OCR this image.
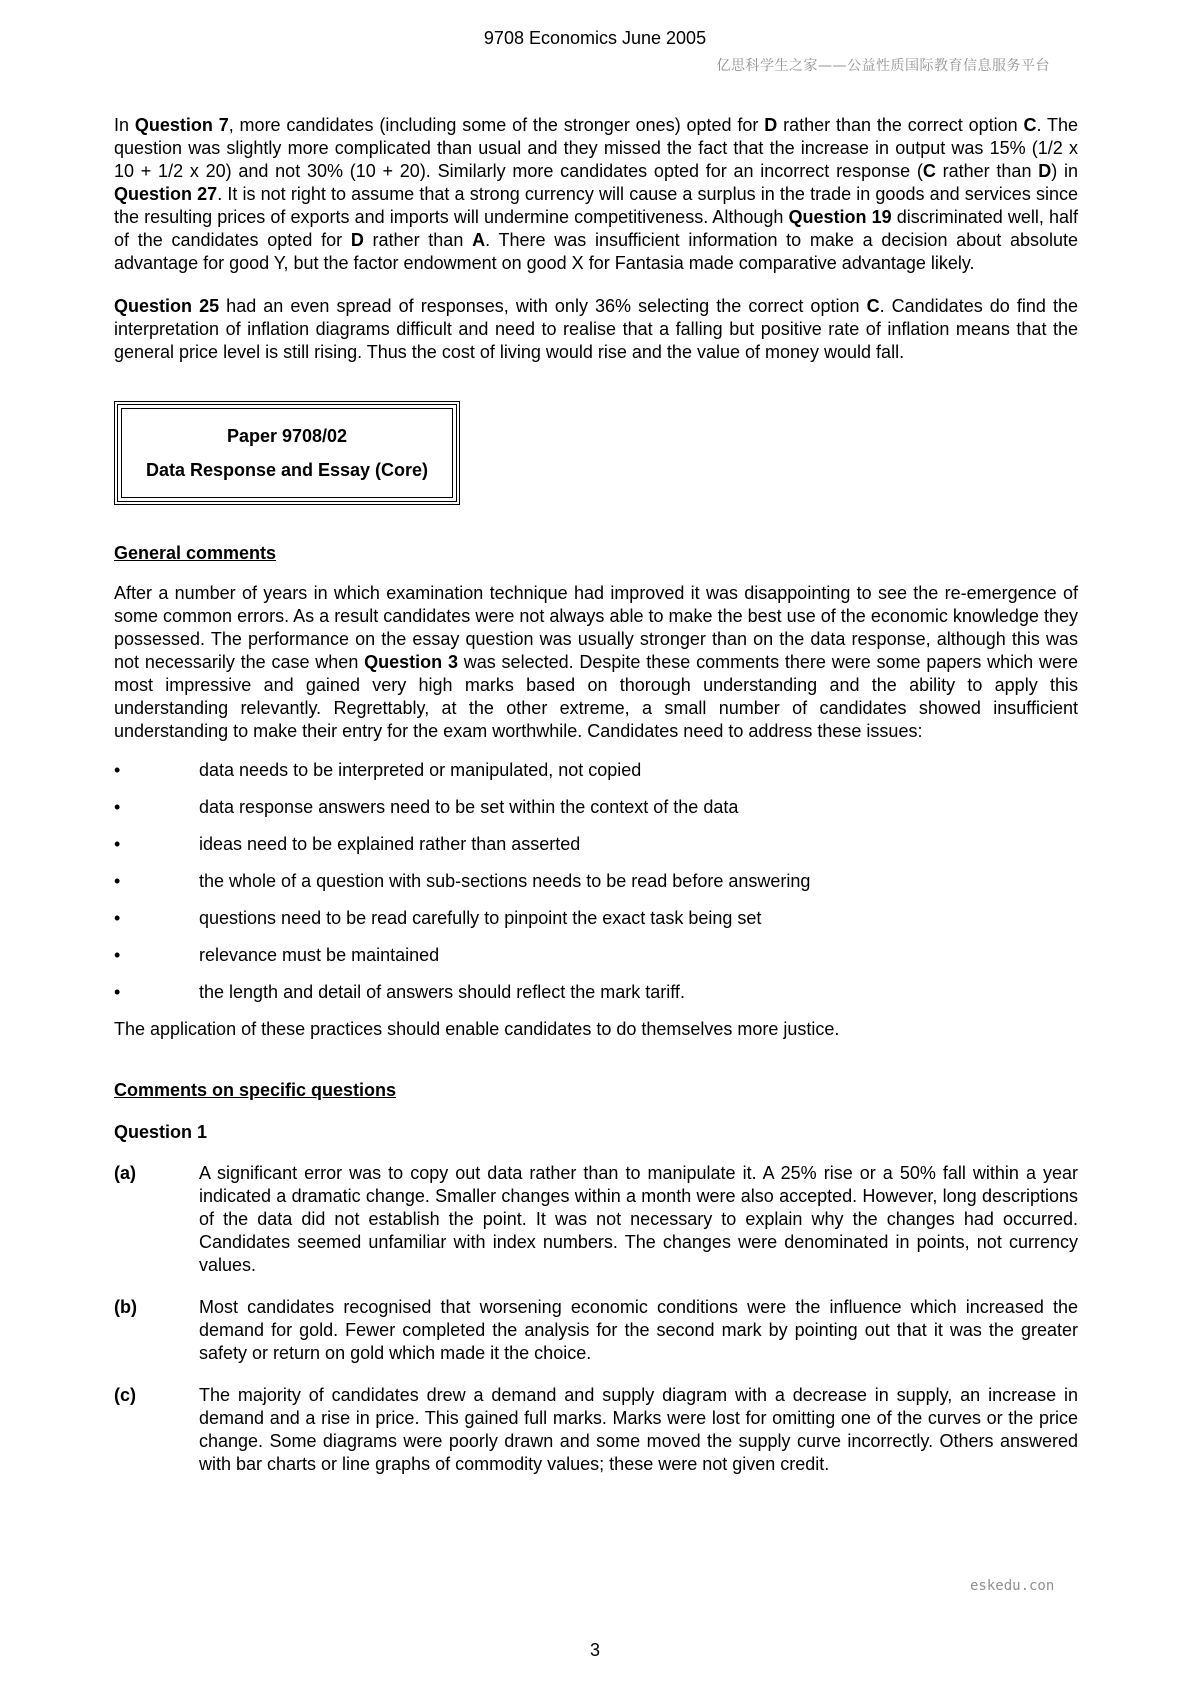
9708 Economics June 2005
亿思科学生之家——公益性质国际教育信息服务平台

In Question 7, more candidates (including some of the stronger ones) opted for D rather than the correct option C. The question was slightly more complicated than usual and they missed the fact that the increase in output was 15% (1/2 x 10 + 1/2 x 20) and not 30% (10 + 20). Similarly more candidates opted for an incorrect response (C rather than D) in Question 27. It is not right to assume that a strong currency will cause a surplus in the trade in goods and services since the resulting prices of exports and imports will undermine competitiveness. Although Question 19 discriminated well, half of the candidates opted for D rather than A. There was insufficient information to make a decision about absolute advantage for good Y, but the factor endowment on good X for Fantasia made comparative advantage likely.

Question 25 had an even spread of responses, with only 36% selecting the correct option C. Candidates do find the interpretation of inflation diagrams difficult and need to realise that a falling but positive rate of inflation means that the general price level is still rising. Thus the cost of living would rise and the value of money would fall.

Paper 9708/02
Data Response and Essay (Core)

General comments

After a number of years in which examination technique had improved it was disappointing to see the re-emergence of some common errors. As a result candidates were not always able to make the best use of the economic knowledge they possessed. The performance on the essay question was usually stronger than on the data response, although this was not necessarily the case when Question 3 was selected. Despite these comments there were some papers which were most impressive and gained very high marks based on thorough understanding and the ability to apply this understanding relevantly. Regrettably, at the other extreme, a small number of candidates showed insufficient understanding to make their entry for the exam worthwhile. Candidates need to address these issues:

•	data needs to be interpreted or manipulated, not copied
•	data response answers need to be set within the context of the data
•	ideas need to be explained rather than asserted
•	the whole of a question with sub-sections needs to be read before answering
•	questions need to be read carefully to pinpoint the exact task being set
•	relevance must be maintained
•	the length and detail of answers should reflect the mark tariff.

The application of these practices should enable candidates to do themselves more justice.

Comments on specific questions

Question 1

(a)	A significant error was to copy out data rather than to manipulate it. A 25% rise or a 50% fall within a year indicated a dramatic change. Smaller changes within a month were also accepted. However, long descriptions of the data did not establish the point. It was not necessary to explain why the changes had occurred. Candidates seemed unfamiliar with index numbers. The changes were denominated in points, not currency values.
(b)	Most candidates recognised that worsening economic conditions were the influence which increased the demand for gold. Fewer completed the analysis for the second mark by pointing out that it was the greater safety or return on gold which made it the choice.
(c)	The majority of candidates drew a demand and supply diagram with a decrease in supply, an increase in demand and a rise in price. This gained full marks. Marks were lost for omitting one of the curves or the price change. Some diagrams were poorly drawn and some moved the supply curve incorrectly. Others answered with bar charts or line graphs of commodity values; these were not given credit.
eskedu.con
3
